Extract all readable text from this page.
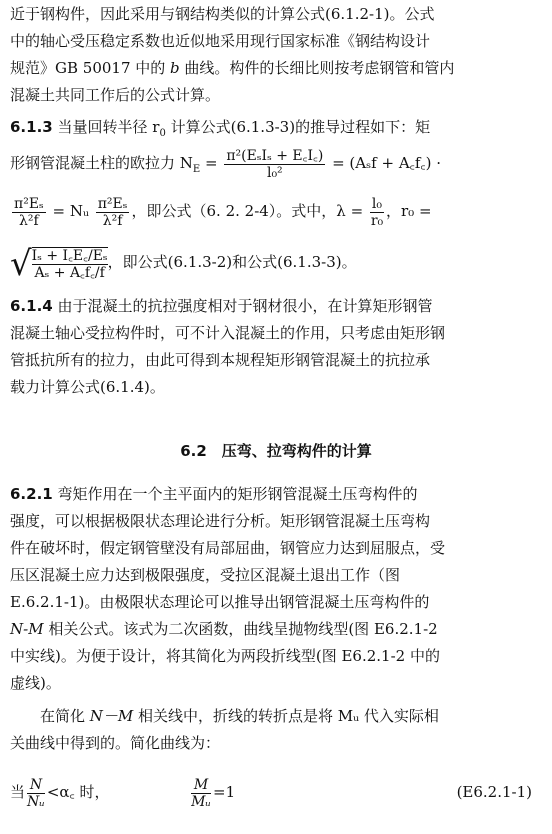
近于钢构件，因此采用与钢结构类似的计算公式(6.1.2-1)。公式
中的轴心受压稳定系数也近似地采用现行国家标准《钢结构设计
规范》GB 50017 中的 b 曲线。构件的长细比则按考虑钢管和管内
混凝土共同工作后的公式计算。
6.1.3 当量回转半径 $r_0$ 计算公式(6.1.3-3)的推导过程如下：矩
形钢管混凝土柱的欧拉力 $N_E = \frac{\text{π²(EₛIₛ + E꜀I꜀)}}{\text{l₀²}} = (A_sf$ + A꜀f꜀) ·
$\frac{\text{π²Eₛ}}{\text{λ²f}}$ = Nᵤ $\frac{\text{π²Eₛ}}{\text{λ²f}}$ ，即公式（6. 2. 2-4）。式中，$\lambda = \frac{\text{l₀}}{\text{r₀}}$ ，r₀ =
√ $\frac{\text{Iₛ + I꜀E꜀/Eₛ}}{\text{Aₛ + A꜀f꜀/f}}$ ，即公式(6.1.3-2)和公式(6.1.3-3)。
6.1.4 由于混凝土的抗拉强度相对于钢材很小，在计算矩形钢管
混凝土轴心受拉构件时，可不计入混凝土的作用，只考虑由矩形钢
管抵抗所有的拉力，由此可得到本规程矩形钢管混凝土的抗拉承
载力计算公式(6.1.4)。
6.2　压弯、拉弯构件的计算
6.2.1 弯矩作用在一个主平面内的矩形钢管混凝土压弯构件的
强度，可以根据极限状态理论进行分析。矩形钢管混凝土压弯构
件在破坏时，假定钢管壁没有局部屈曲，钢管应力达到屈服点，受
压区混凝土应力达到极限强度，受拉区混凝土退出工作（图
E.6.2.1-1)。由极限状态理论可以推导出钢管混凝土压弯构件的
N-M 相关公式。该式为二次函数，曲线呈抛物线型(图 E6.2.1-2
中实线)。为便于设计，将其简化为两段折线型(图 E6.2.1-2 中的
虚线)。
在简化 N－M 相关线中，折线的转折点是将 Mᵤ 代入实际相
关曲线中得到的。简化曲线为：
当 $\frac{N}{\text{Nᵤ}}$ <α꜀ 时，	$\frac{M}{\text{Mᵤ}} =1$	(E6.2.1-1)
